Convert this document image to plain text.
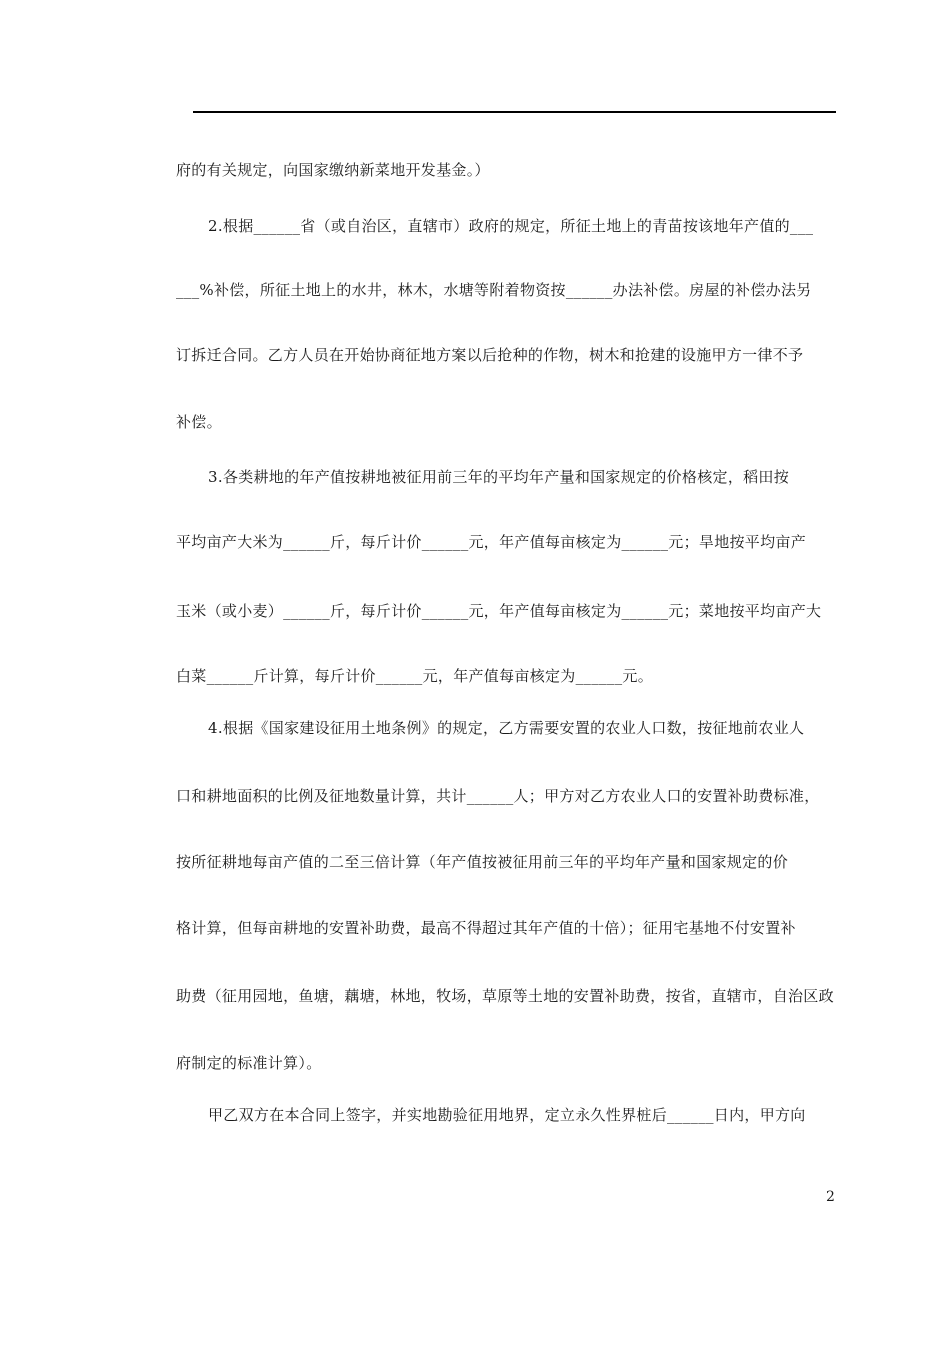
府的有关规定，向国家缴纳新菜地开发基金。）
2.根据______省（或自治区，直辖市）政府的规定，所征土地上的青苗按该地年产值的___
___%补偿，所征土地上的水井，林木，水塘等附着物资按______办法补偿。房屋的补偿办法另
订拆迁合同。乙方人员在开始协商征地方案以后抢种的作物，树木和抢建的设施甲方一律不予
补偿。
3.各类耕地的年产值按耕地被征用前三年的平均年产量和国家规定的价格核定，稻田按
平均亩产大米为______斤，每斤计价______元，年产值每亩核定为______元；旱地按平均亩产
玉米（或小麦）______斤，每斤计价______元，年产值每亩核定为______元；菜地按平均亩产大
白菜______斤计算，每斤计价______元，年产值每亩核定为______元。
4.根据《国家建设征用土地条例》的规定，乙方需要安置的农业人口数，按征地前农业人
口和耕地面积的比例及征地数量计算，共计______人；甲方对乙方农业人口的安置补助费标准，
按所征耕地每亩产值的二至三倍计算（年产值按被征用前三年的平均年产量和国家规定的价
格计算，但每亩耕地的安置补助费，最高不得超过其年产值的十倍）；征用宅基地不付安置补
助费（征用园地，鱼塘，藕塘，林地，牧场，草原等土地的安置补助费，按省，直辖市，自治区政
府制定的标准计算）。
甲乙双方在本合同上签字，并实地勘验征用地界，定立永久性界桩后______日内，甲方向
2
